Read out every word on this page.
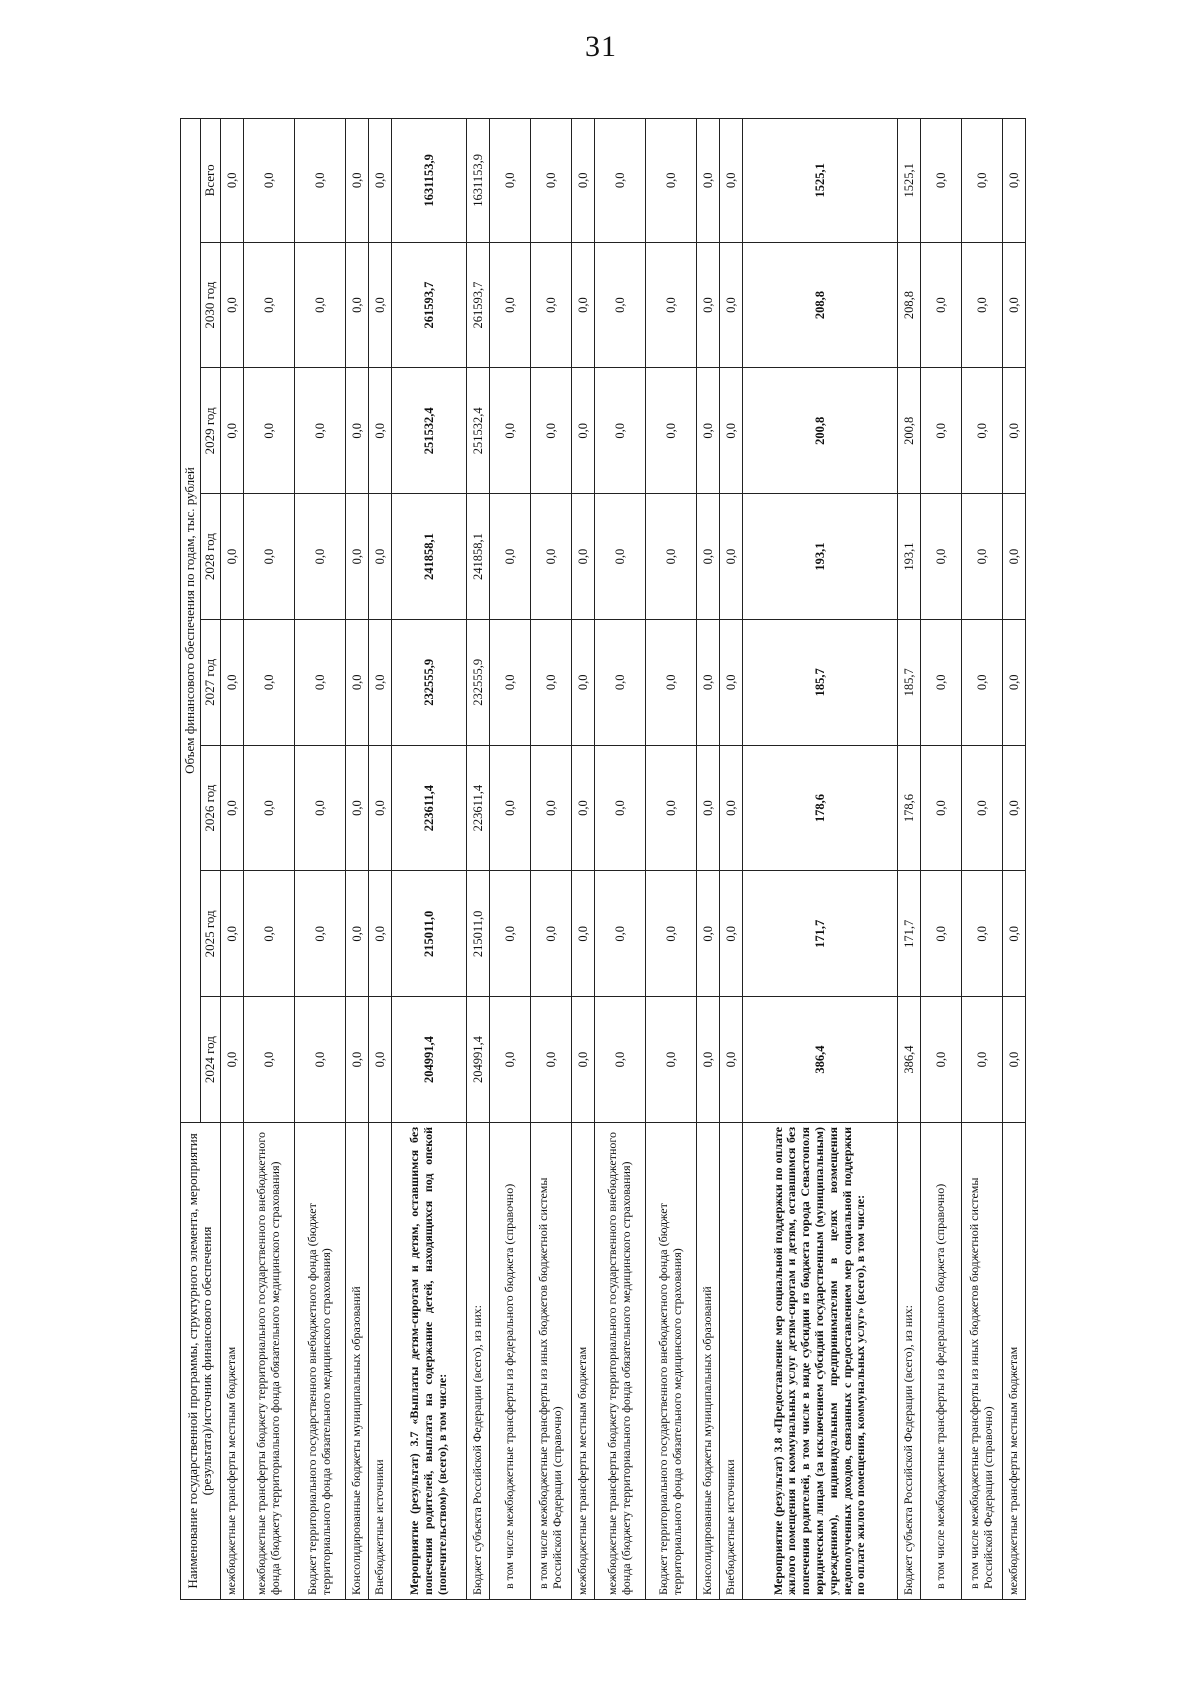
31
Наименование государственной программы, структурного элемента, мероприятия (результата)/источник финансового обеспечения	Объем финансового обеспечения по годам, тыс. рублей							
	2024 год	2025 год	2026 год	2027 год	2028 год	2029 год	2030 год	Всего
межбюджетные трансферты местным бюджетам	0,0	0,0	0,0	0,0	0,0	0,0	0,0	0,0
межбюджетные трансферты бюджету территориального государственного внебюджетного фонда (бюджету территориального фонда обязательного медицинского страхования)	0,0	0,0	0,0	0,0	0,0	0,0	0,0	0,0
Бюджет территориального государственного внебюджетного фонда (бюджет территориального фонда обязательного медицинского страхования)	0,0	0,0	0,0	0,0	0,0	0,0	0,0	0,0
Консолидированные бюджеты муниципальных образований	0,0	0,0	0,0	0,0	0,0	0,0	0,0	0,0
Внебюджетные источники	0,0	0,0	0,0	0,0	0,0	0,0	0,0	0,0
Мероприятие (результат) 3.7 «Выплаты детям-сиротам и детям, оставшимся без попечения родителей, выплата на содержание детей, находящихся под опекой (попечительством)» (всего), в том числе:	204991,4	215011,0	223611,4	232555,9	241858,1	251532,4	261593,7	1631153,9
Бюджет субъекта Российской Федерации (всего), из них:	204991,4	215011,0	223611,4	232555,9	241858,1	251532,4	261593,7	1631153,9
в том числе межбюджетные трансферты из федерального бюджета (справочно)	0,0	0,0	0,0	0,0	0,0	0,0	0,0	0,0
в том числе межбюджетные трансферты из иных бюджетов бюджетной системы Российской Федерации (справочно)	0,0	0,0	0,0	0,0	0,0	0,0	0,0	0,0
межбюджетные трансферты местным бюджетам	0,0	0,0	0,0	0,0	0,0	0,0	0,0	0,0
межбюджетные трансферты бюджету территориального государственного внебюджетного фонда (бюджету территориального фонда обязательного медицинского страхования)	0,0	0,0	0,0	0,0	0,0	0,0	0,0	0,0
Бюджет территориального государственного внебюджетного фонда (бюджет территориального фонда обязательного медицинского страхования)	0,0	0,0	0,0	0,0	0,0	0,0	0,0	0,0
Консолидированные бюджеты муниципальных образований	0,0	0,0	0,0	0,0	0,0	0,0	0,0	0,0
Внебюджетные источники	0,0	0,0	0,0	0,0	0,0	0,0	0,0	0,0
Мероприятие (результат) 3.8 «Предоставление мер социальной поддержки по оплате жилого помещения и коммунальных услуг детям-сиротам и детям, оставшимся без попечения родителей, в том числе в виде субсидии из бюджета города Севастополя юридическим лицам (за исключением субсидий государственным (муниципальным) учреждениям), индивидуальным предпринимателям в целях возмещения недополученных доходов, связанных с предоставлением мер социальной поддержки по оплате жилого помещения, коммунальных услуг» (всего), в том числе:	386,4	171,7	178,6	185,7	193,1	200,8	208,8	1525,1
Бюджет субъекта Российской Федерации (всего), из них:	386,4	171,7	178,6	185,7	193,1	200,8	208,8	1525,1
в том числе межбюджетные трансферты из федерального бюджета (справочно)	0,0	0,0	0,0	0,0	0,0	0,0	0,0	0,0
в том числе межбюджетные трансферты из иных бюджетов бюджетной системы Российской Федерации (справочно)	0,0	0,0	0,0	0,0	0,0	0,0	0,0	0,0
межбюджетные трансферты местным бюджетам	0,0	0,0	0,0	0,0	0,0	0,0	0,0	0,0
